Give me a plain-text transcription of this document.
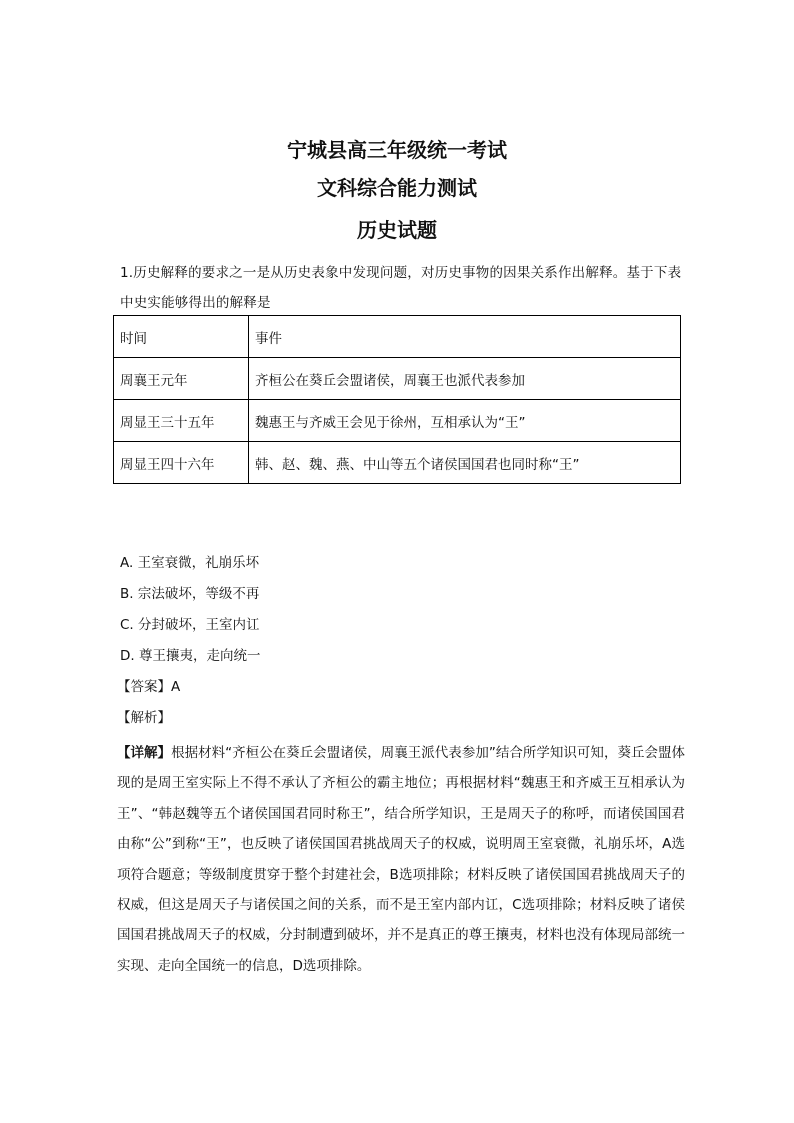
宁城县高三年级统一考试
文科综合能力测试
历史试题
1.历史解释的要求之一是从历史表象中发现问题，对历史事物的因果关系作出解释。基于下表中史实能够得出的解释是
时间	事件
周襄王元年	齐桓公在葵丘会盟诸侯，周襄王也派代表参加
周显王三十五年	魏惠王与齐威王会见于徐州，互相承认为“王”
周显王四十六年	韩、赵、魏、燕、中山等五个诸侯国国君也同时称“王”
A. 王室衰微，礼崩乐坏
B. 宗法破坏，等级不再
C. 分封破坏，王室内讧
D. 尊王攘夷，走向统一
【答案】A
【解析】
【详解】根据材料“齐桓公在葵丘会盟诸侯，周襄王派代表参加”结合所学知识可知，葵丘会盟体现的是周王室实际上不得不承认了齐桓公的霸主地位；再根据材料“魏惠王和齐威王互相承认为王”、“韩赵魏等五个诸侯国国君同时称王”，结合所学知识，王是周天子的称呼，而诸侯国国君由称“公”到称“王”，也反映了诸侯国国君挑战周天子的权威，说明周王室衰微，礼崩乐坏，A选项符合题意；等级制度贯穿于整个封建社会，B选项排除；材料反映了诸侯国国君挑战周天子的权威，但这是周天子与诸侯国之间的关系，而不是王室内部内讧，C选项排除；材料反映了诸侯国国君挑战周天子的权威，分封制遭到破坏，并不是真正的尊王攘夷，材料也没有体现局部统一实现、走向全国统一的信息，D选项排除。
